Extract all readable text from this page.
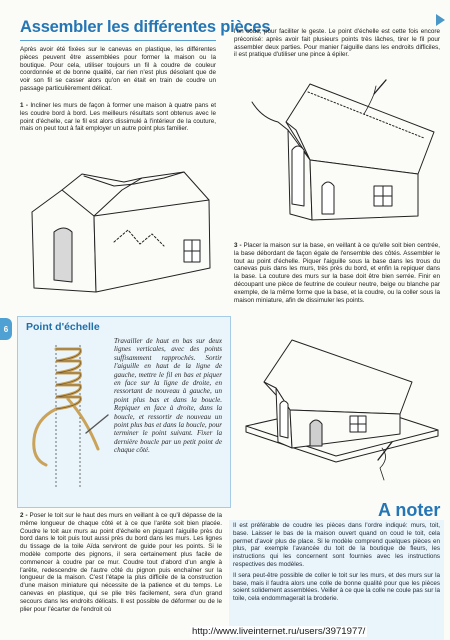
Assembler les différentes pièces

Après avoir été fixées sur le canevas en plastique, les différentes pièces peuvent être assemblées pour former la maison ou la boutique. Pour cela, utiliser toujours un fil à coudre de couleur coordonnée et de bonne qualité, car rien n'est plus désolant que de voir son fil se casser alors qu'on en était en train de coudre un passage particulièrement délicat.

1 - Incliner les murs de façon à former une maison à quatre pans et les coudre bord à bord. Les meilleurs résultats sont obtenus avec le point d'échelle, car le fil est alors dissimulé à l'intérieur de la couture, mais on peut tout à fait employer un autre point plus familier.

l'on coud, pour faciliter le geste. Le point d'échelle est cette fois encore préconisé: après avoir fait plusieurs points très lâches, tirer le fil pour assembler deux parties. Pour manier l'aiguille dans les endroits difficiles, il est pratique d'utiliser une pince à épiler.

3 - Placer la maison sur la base, en veillant à ce qu'elle soit bien centrée, la base débordant de façon égale de l'ensemble des côtés. Assembler le tout au point d'échelle. Piquer l'aiguille sous la base dans les trous du canevas puis dans les murs, très près du bord, et enfin la repiquer dans la base. La couture des murs sur la base doit être bien serrée. Finir en découpant une pièce de feutrine de couleur neutre, beige ou blanche par exemple, de la même forme que la base, et la coudre, ou la coller sous la maison miniature, afin de dissimuler les points.

6	Point d'échelle
Travailler de haut en bas sur deux lignes verticales, avec des points suffisamment rapprochés. Sortir l'aiguille en haut de la ligne de gauche, mettre le fil en bas et piquer en face sur la ligne de droite, en ressortant de nouveau à gauche, un point plus bas et dans la boucle. Repiquer en face à droite, dans la boucle, et ressortir de nouveau un point plus bas et dans la boucle, pour terminer le point suivant. Fixer la dernière boucle par un petit point de chaque côté.

2 - Poser le toit sur le haut des murs en veillant à ce qu'il dépasse de la même longueur de chaque côté et à ce que l'arête soit bien placée. Coudre le toit aux murs au point d'échelle en piquant l'aiguille près du bord dans le toit puis tout aussi près du bord dans les murs. Les lignes du tissage de la toile Aïda serviront de guide pour les points. Si le modèle comporte des pignons, il sera certainement plus facile de commencer à coudre par ce mur. Coudre tout d'abord d'un angle à l'arête, redescendre de l'autre côté du pignon puis enchaîner sur la longueur de la maison. C'est l'étape la plus difficile de la construction d'une maison miniature qui nécessite de la patience et du temps. Le canevas en plastique, qui se plie très facilement, sera d'un grand secours dans les endroits délicats. Il est possible de déformer ou de le plier pour l'écarter de l'endroit où

A noter

Il est préférable de coudre les pièces dans l'ordre indiqué: murs, toit, base. Laisser le bas de la maison ouvert quand on coud le toit, cela permet d'avoir plus de place. Si le modèle comprend quelques pièces en plus, par exemple l'avancée du toit de la boutique de fleurs, les instructions qui les concernent sont fournies avec les instructions respectives des modèles.

Il sera peut-être possible de coller le toit sur les murs, et des murs sur la base, mais il faudra alors une colle de bonne qualité pour que les pièces soient solidement assemblées. Veiller à ce que la colle ne coule pas sur la toile, cela endommagerait la broderie.

http://www.liveinternet.ru/users/3971977/
